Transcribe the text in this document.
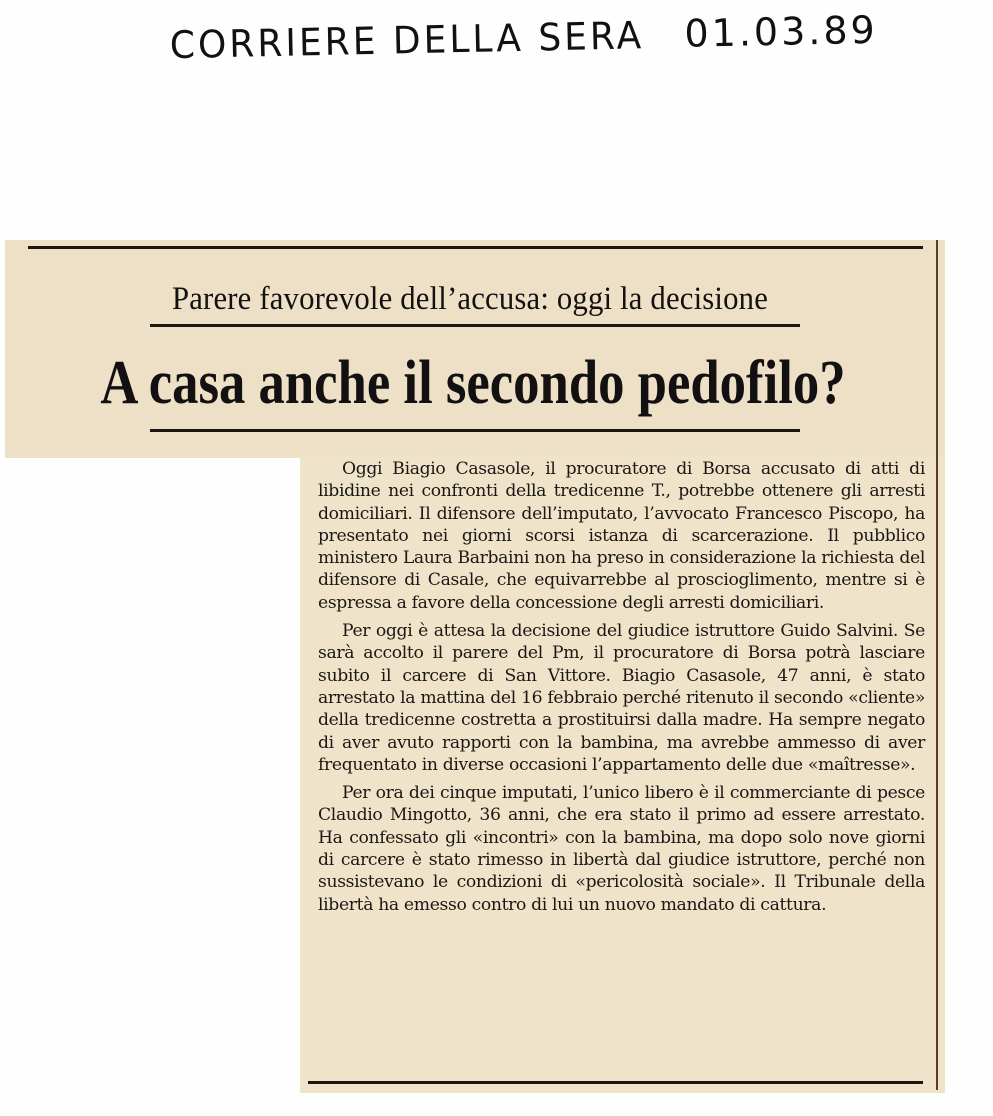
CORRIERE DELLA SERA 01.03.89

Parere favorevole dell’accusa: oggi la decisione
A casa anche il secondo pedofilo?

Oggi Biagio Casasole, il procuratore di Borsa accusato di atti di libidine nei confronti della tredicenne T., potrebbe ottenere gli arresti domiciliari. Il difensore dell’imputato, l’avvocato Francesco Piscopo, ha presentato nei giorni scorsi istanza di scarcerazione. Il pubblico ministero Laura Barbaini non ha preso in considerazione la richiesta del difensore di Casale, che equivarrebbe al proscioglimento, mentre si è espressa a favore della concessione degli arresti domiciliari.

Per oggi è attesa la decisione del giudice istruttore Guido Salvini. Se sarà accolto il parere del Pm, il procuratore di Borsa potrà lasciare subito il carcere di San Vittore. Biagio Casasole, 47 anni, è stato arrestato la mattina del 16 febbraio perché ritenuto il secondo «cliente» della tredicenne costretta a prostituirsi dalla madre. Ha sempre negato di aver avuto rapporti con la bambina, ma avrebbe ammesso di aver frequentato in diverse occasioni l’appartamento delle due «maîtresse».

Per ora dei cinque imputati, l’unico libero è il commerciante di pesce Claudio Mingotto, 36 anni, che era stato il primo ad essere arrestato. Ha confessato gli «incontri» con la bambina, ma dopo solo nove giorni di carcere è stato rimesso in libertà dal giudice istruttore, perché non sussistevano le condizioni di «pericolosità sociale». Il Tribunale della libertà ha emesso contro di lui un nuovo mandato di cattura.
